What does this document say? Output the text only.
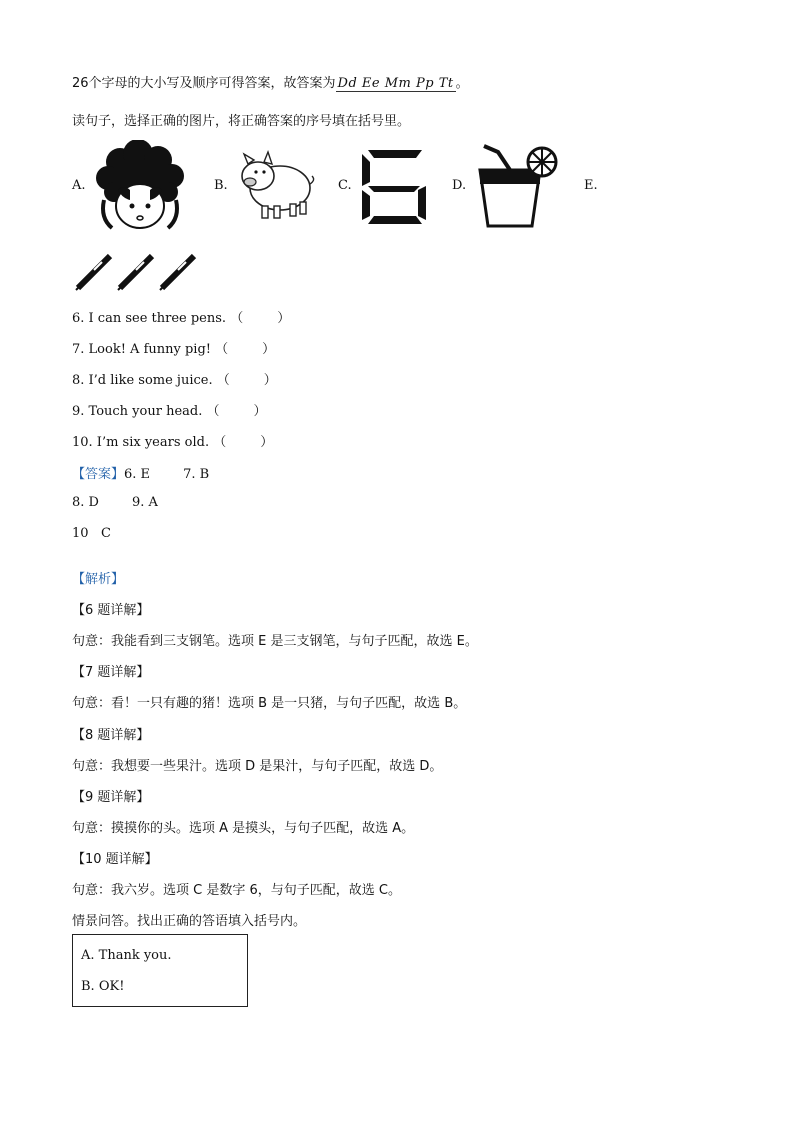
26个字母的大小写及顺序可得答案，故答案为 Dd Ee Mm Pp Tt 。
读句子，选择正确的图片，将正确答案的序号填在括号里。
A.	B.	C.	D.	E.
6. I can see three pens. （	）
7. Look! A funny pig! （	）
8. I’d like some juice. （	）
9. Touch your head. （	）
10. I’m six years old. （	）
【答案】6. E        7. B
8. D        9. A
10   C
【解析】
【6 题详解】
句意：我能看到三支钢笔。选项 E 是三支钢笔，与句子匹配，故选 E。
【7 题详解】
句意：看！一只有趣的猪！选项 B 是一只猪，与句子匹配，故选 B。
【8 题详解】
句意：我想要一些果汁。选项 D 是果汁，与句子匹配，故选 D。
【9 题详解】
句意：摸摸你的头。选项 A 是摸头，与句子匹配，故选 A。
【10 题详解】
句意：我六岁。选项 C 是数字 6，与句子匹配，故选 C。
情景问答。找出正确的答语填入括号内。
A. Thank you.
B. OK!
